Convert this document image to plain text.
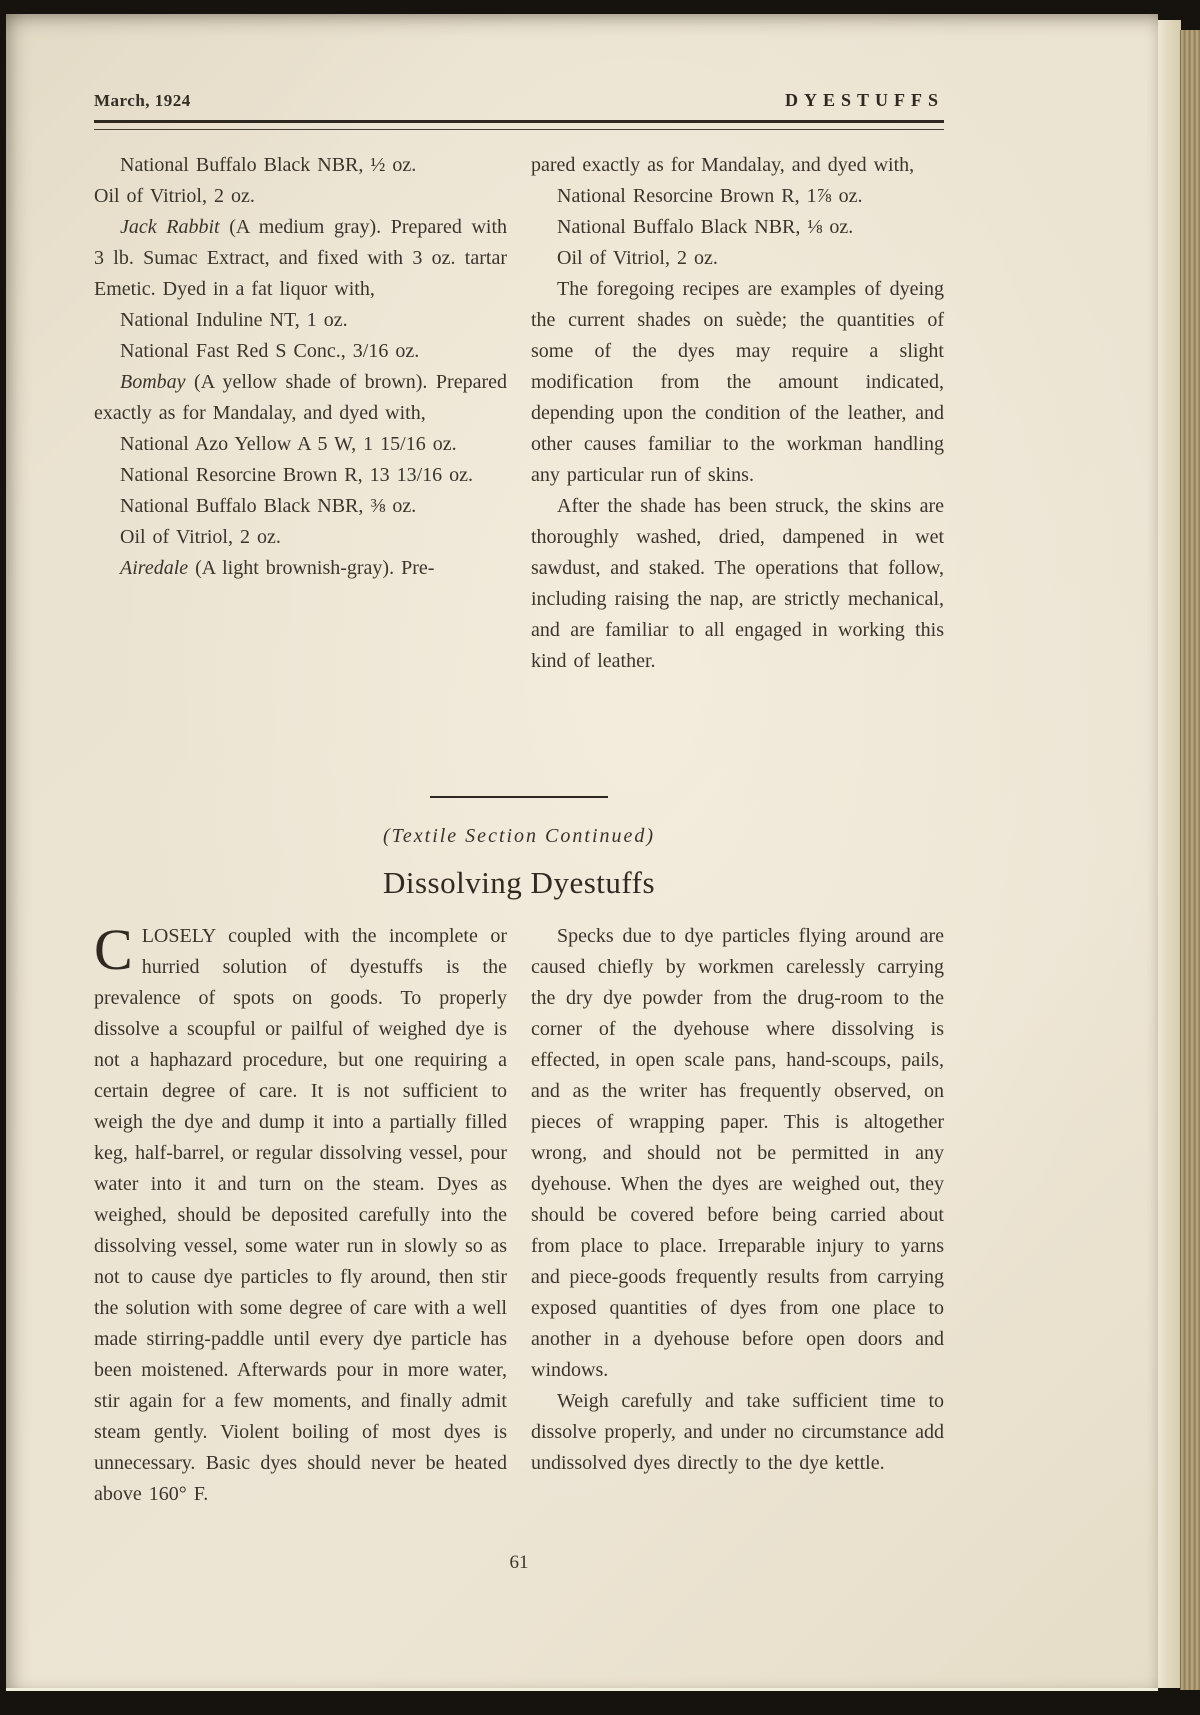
March, 1924	DYESTUFFS

National Buffalo Black NBR, ½ oz.

Oil of Vitriol, 2 oz.

Jack Rabbit (A medium gray). Prepared with 3 lb. Sumac Extract, and fixed with 3 oz. tartar Emetic. Dyed in a fat liquor with,

National Induline NT, 1 oz.

National Fast Red S Conc., 3/16 oz.

Bombay (A yellow shade of brown). Prepared exactly as for Mandalay, and dyed with,

National Azo Yellow A 5 W, 1 15/16 oz.

National Resorcine Brown R, 13 13/16 oz.

National Buffalo Black NBR, ⅜ oz.

Oil of Vitriol, 2 oz.

Airedale (A light brownish-gray). Pre-

pared exactly as for Mandalay, and dyed with,

National Resorcine Brown R, 1⅞ oz.

National Buffalo Black NBR, ⅛ oz.

Oil of Vitriol, 2 oz.

The foregoing recipes are examples of dyeing the current shades on suède; the quantities of some of the dyes may require a slight modification from the amount indicated, depending upon the condition of the leather, and other causes familiar to the workman handling any particular run of skins.

After the shade has been struck, the skins are thoroughly washed, dried, dampened in wet sawdust, and staked. The operations that follow, including raising the nap, are strictly mechanical, and are familiar to all engaged in working this kind of leather.

(Textile Section Continued)
Dissolving Dyestuffs

CLOSELY coupled with the incomplete or hurried solution of dyestuffs is the prevalence of spots on goods. To properly dissolve a scoupful or pailful of weighed dye is not a haphazard procedure, but one requiring a certain degree of care. It is not sufficient to weigh the dye and dump it into a partially filled keg, half-barrel, or regular dissolving vessel, pour water into it and turn on the steam. Dyes as weighed, should be deposited carefully into the dissolving vessel, some water run in slowly so as not to cause dye particles to fly around, then stir the solution with some degree of care with a well made stirring-paddle until every dye particle has been moistened. Afterwards pour in more water, stir again for a few moments, and finally admit steam gently. Violent boiling of most dyes is unnecessary. Basic dyes should never be heated above 160° F.

Specks due to dye particles flying around are caused chiefly by workmen carelessly carrying the dry dye powder from the drug-room to the corner of the dyehouse where dissolving is effected, in open scale pans, hand-scoups, pails, and as the writer has frequently observed, on pieces of wrapping paper. This is altogether wrong, and should not be permitted in any dyehouse. When the dyes are weighed out, they should be covered before being carried about from place to place. Irreparable injury to yarns and piece-goods frequently results from carrying exposed quantities of dyes from one place to another in a dyehouse before open doors and windows.

Weigh carefully and take sufficient time to dissolve properly, and under no circumstance add undissolved dyes directly to the dye kettle.

61
